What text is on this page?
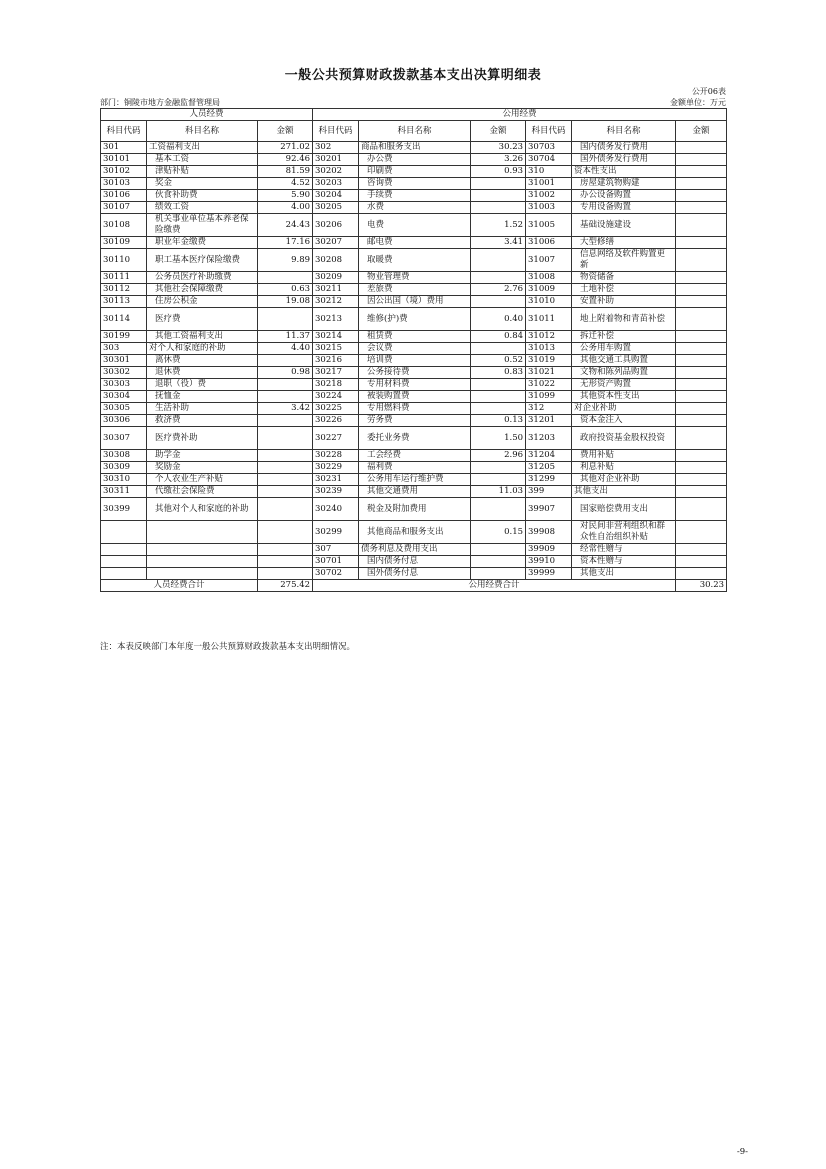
一般公共预算财政拨款基本支出决算明细表
公开06表
部门：铜陵市地方金融监督管理局	金额单位：万元
人员经费			公用经费					
科目代码	科目名称	金额	科目代码	科目名称	金额	科目代码	科目名称	金额
301	工资福利支出	271.02	302	商品和服务支出	30.23	30703	国内债务发行费用	
30101	基本工资	92.46	30201	办公费	3.26	30704	国外债务发行费用	
30102	津贴补贴	81.59	30202	印刷费	0.93	310	资本性支出	
30103	奖金	4.52	30203	咨询费		31001	房屋建筑物购建	
30106	伙食补助费	5.90	30204	手续费		31002	办公设备购置	
30107	绩效工资	4.00	30205	水费		31003	专用设备购置	
30108	机关事业单位基本养老保险缴费	24.43	30206	电费	1.52	31005	基础设施建设	
30109	职业年金缴费	17.16	30207	邮电费	3.41	31006	大型修缮	
30110	职工基本医疗保险缴费	9.89	30208	取暖费		31007	信息网络及软件购置更新	
30111	公务员医疗补助缴费		30209	物业管理费		31008	物资储备	
30112	其他社会保障缴费	0.63	30211	差旅费	2.76	31009	土地补偿	
30113	住房公积金	19.08	30212	因公出国（境）费用		31010	安置补助	
30114	医疗费		30213	维修(护)费	0.40	31011	地上附着物和青苗补偿	
30199	其他工资福利支出	11.37	30214	租赁费	0.84	31012	拆迁补偿	
303	对个人和家庭的补助	4.40	30215	会议费		31013	公务用车购置	
30301	离休费		30216	培训费	0.52	31019	其他交通工具购置	
30302	退休费	0.98	30217	公务接待费	0.83	31021	文物和陈列品购置	
30303	退职（役）费		30218	专用材料费		31022	无形资产购置	
30304	抚恤金		30224	被装购置费		31099	其他资本性支出	
30305	生活补助	3.42	30225	专用燃料费		312	对企业补助	
30306	救济费		30226	劳务费	0.13	31201	资本金注入	
30307	医疗费补助		30227	委托业务费	1.50	31203	政府投资基金股权投资	
30308	助学金		30228	工会经费	2.96	31204	费用补贴	
30309	奖励金		30229	福利费		31205	利息补贴	
30310	个人农业生产补贴		30231	公务用车运行维护费		31299	其他对企业补助	
30311	代缴社会保险费		30239	其他交通费用	11.03	399	其他支出	
30399	其他对个人和家庭的补助		30240	税金及附加费用		39907	国家赔偿费用支出	
			30299	其他商品和服务支出	0.15	39908	对民间非营利组织和群众性自治组织补贴	
			307	债务利息及费用支出		39909	经常性赠与	
			30701	国内债务付息		39910	资本性赠与	
			30702	国外债务付息		39999	其他支出	
人员经费合计		275.42	公用经费合计					30.23
注：本表反映部门本年度一般公共预算财政拨款基本支出明细情况。
-9-
